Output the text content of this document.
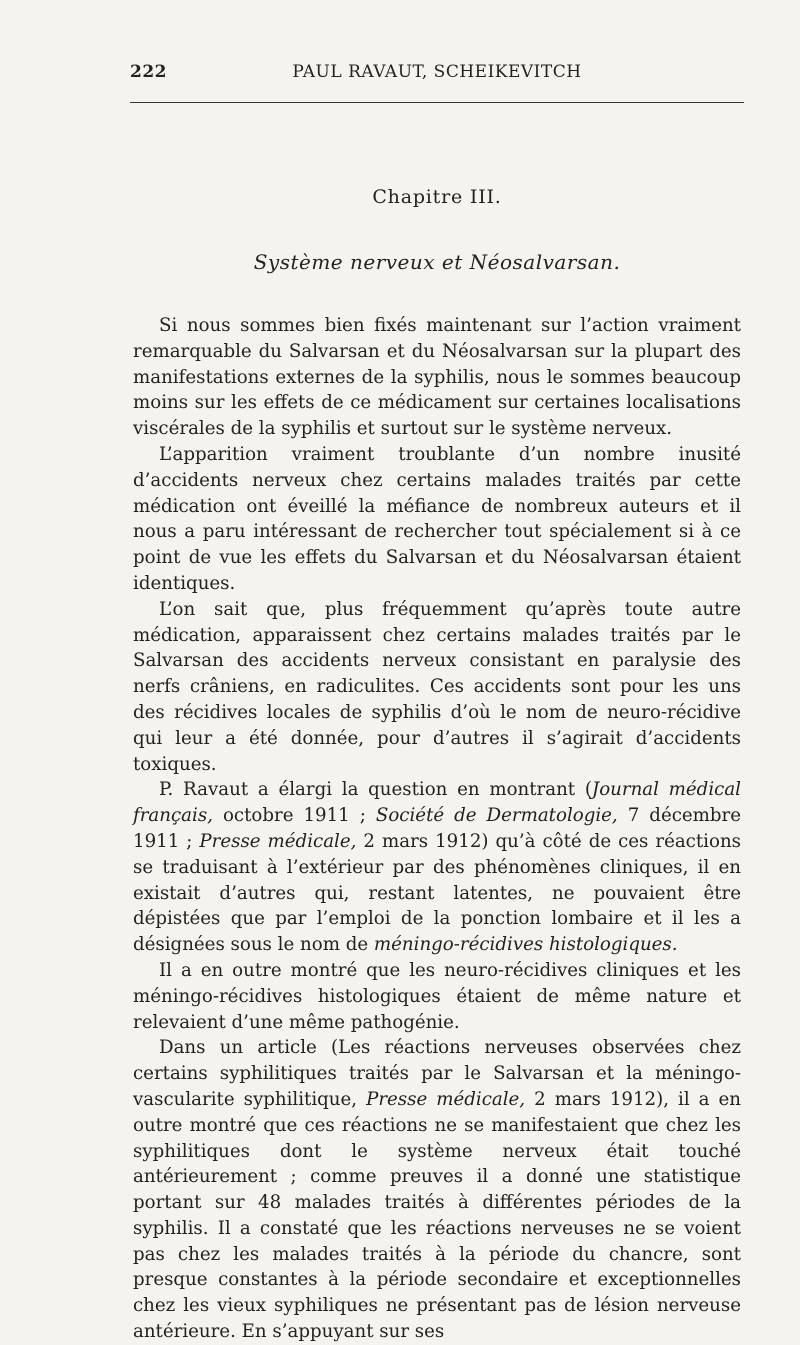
222	PAUL RAVAUT, SCHEIKEVITCH
Chapitre III.
Système nerveux et Néosalvarsan.

Si nous sommes bien fixés maintenant sur l’action vraiment remarquable du Salvarsan et du Néosalvarsan sur la plupart des manifestations externes de la syphilis, nous le sommes beaucoup moins sur les effets de ce médicament sur certaines localisations viscérales de la syphilis et surtout sur le système nerveux.

L’apparition vraiment troublante d’un nombre inusité d’accidents nerveux chez certains malades traités par cette médication ont éveillé la méfiance de nombreux auteurs et il nous a paru intéressant de rechercher tout spécialement si à ce point de vue les effets du Salvarsan et du Néosalvarsan étaient identiques.

L’on sait que, plus fréquemment qu’après toute autre médication, apparaissent chez certains malades traités par le Salvarsan des accidents nerveux consistant en paralysie des nerfs crâniens, en radiculites. Ces accidents sont pour les uns des récidives locales de syphilis d’où le nom de neuro-récidive qui leur a été donnée, pour d’autres il s’agirait d’accidents toxiques.

P. Ravaut a élargi la question en montrant (Journal médical français, octobre 1911 ; Société de Dermatologie, 7 décembre 1911 ; Presse médicale, 2 mars 1912) qu’à côté de ces réactions se traduisant à l’extérieur par des phénomènes cliniques, il en existait d’autres qui, restant latentes, ne pouvaient être dépistées que par l’emploi de la ponction lombaire et il les a désignées sous le nom de méningo-récidives histologiques.

Il a en outre montré que les neuro-récidives cliniques et les méningo-récidives histologiques étaient de même nature et relevaient d’une même pathogénie.

Dans un article (Les réactions nerveuses observées chez certains syphilitiques traités par le Salvarsan et la méningo-vascularite syphilitique, Presse médicale, 2 mars 1912), il a en outre montré que ces réactions ne se manifestaient que chez les syphilitiques dont le système nerveux était touché antérieurement ; comme preuves il a donné une statistique portant sur 48 malades traités à différentes périodes de la syphilis. Il a constaté que les réactions nerveuses ne se voient pas chez les malades traités à la période du chancre, sont presque constantes à la période secondaire et exceptionnelles chez les vieux syphiliques ne présentant pas de lésion nerveuse antérieure. En s’appuyant sur ses
